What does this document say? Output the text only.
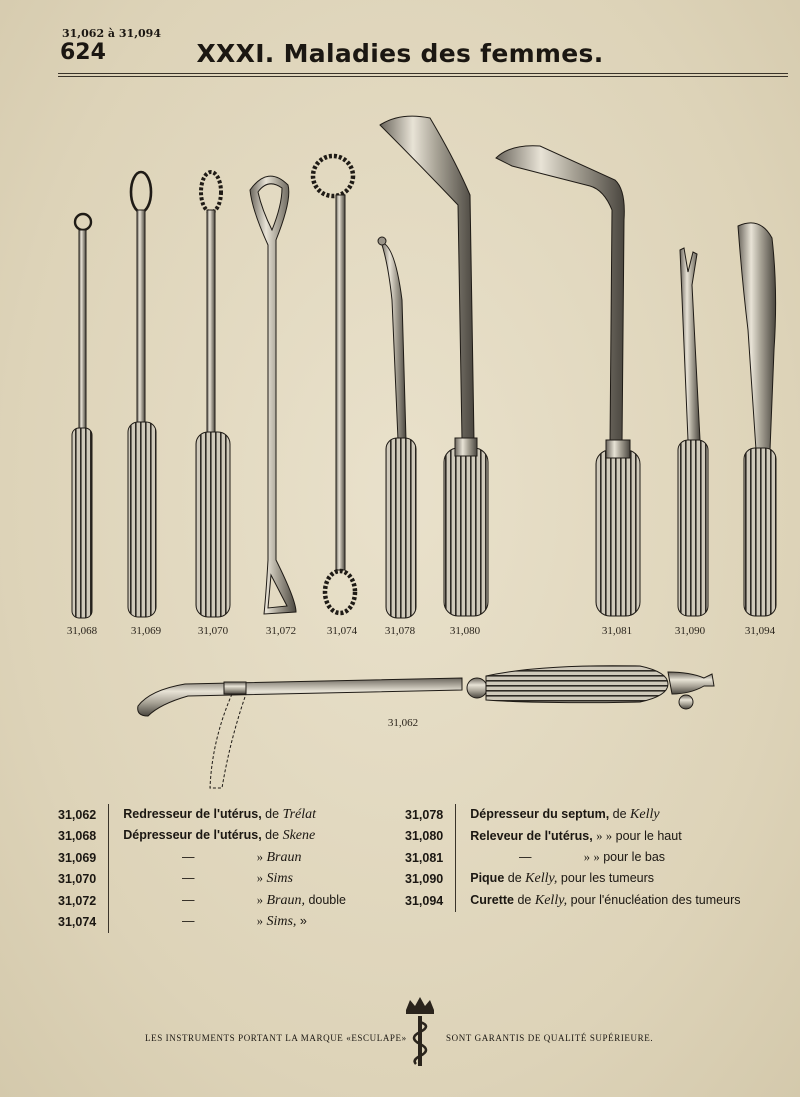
31,062 à 31,094
624	XXXI. Maladies des femmes.
31,068	31,069	31,070	31,072	31,074	31,078	31,080	31,081	31,090	31,094
31,062
31,062	Redresseur de l'utérus, de Trélat
31,068	Dépresseur de l'utérus, de Skene
31,069	— » Braun
31,070	— » Sims
31,072	— » Braun, double
31,074	— » Sims, »
31,078	Dépresseur du septum, de Kelly
31,080	Releveur de l'utérus, » » pour le haut
31,081	— » » pour le bas
31,090	Pique de Kelly, pour les tumeurs
31,094	Curette de Kelly, pour l'énucléation des tumeurs
LES INSTRUMENTS PORTANT LA MARQUE «ESCULAPE»	SONT GARANTIS DE QUALITÉ SUPÉRIEURE.
